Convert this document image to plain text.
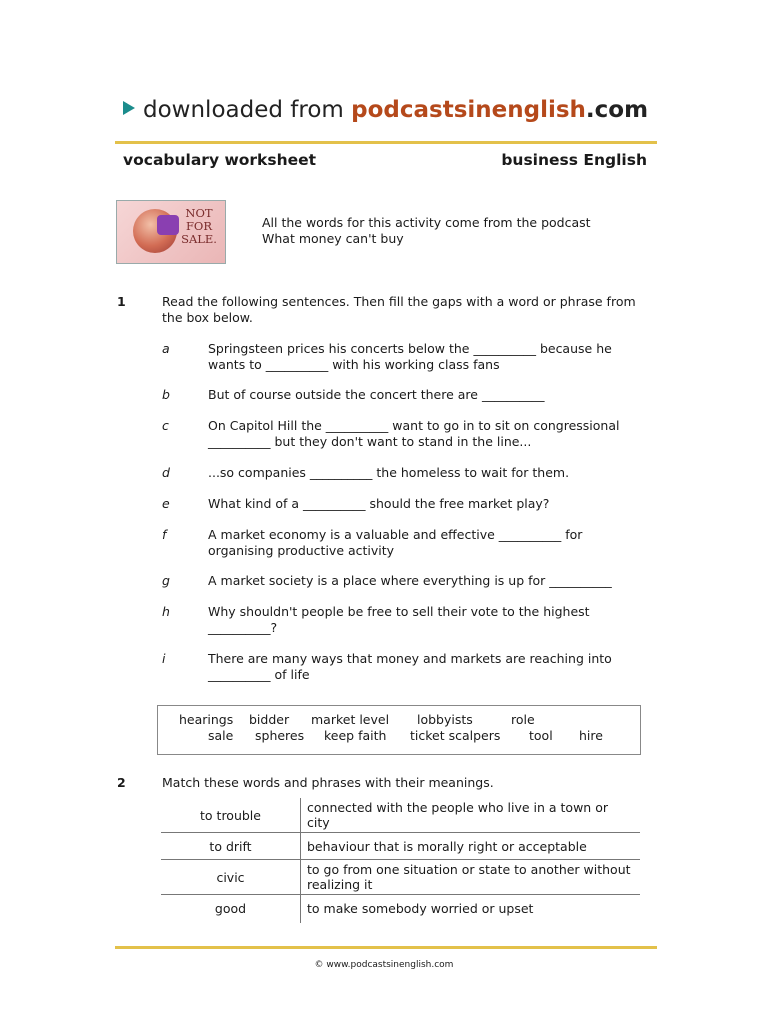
downloaded from podcastsinenglish.com
vocabulary worksheet	business English
NOT
FOR
SALE.
All the words for this activity come from the podcast
What money can't buy
1	Read the following sentences. Then fill the gaps with a word or phrase from the box below.
a	Springsteen prices his concerts below the __________ because he wants to __________ with his working class fans
b	But of course outside the concert there are __________
c	On Capitol Hill the __________ want to go in to sit on congressional __________ but they don't want to stand in the line...
d	...so companies __________ the homeless to wait for them.
e	What kind of a __________ should the free market play?
f	A market economy is a valuable and effective __________ for organising productive activity
g	A market society is a place where everything is up for __________
h	Why shouldn't people be free to sell their vote to the highest __________?
i	There are many ways that money and markets are reaching into __________ of life
hearings bidder market level lobbyists	role
sale spheres keep faith ticket scalpers tool hire
2	Match these words and phrases with their meanings.
to trouble	connected with the people who live in a town or city
to drift	behaviour that is morally right or acceptable
civic	to go from one situation or state to another without realizing it
good	to make somebody worried or upset
© www.podcastsinenglish.com
